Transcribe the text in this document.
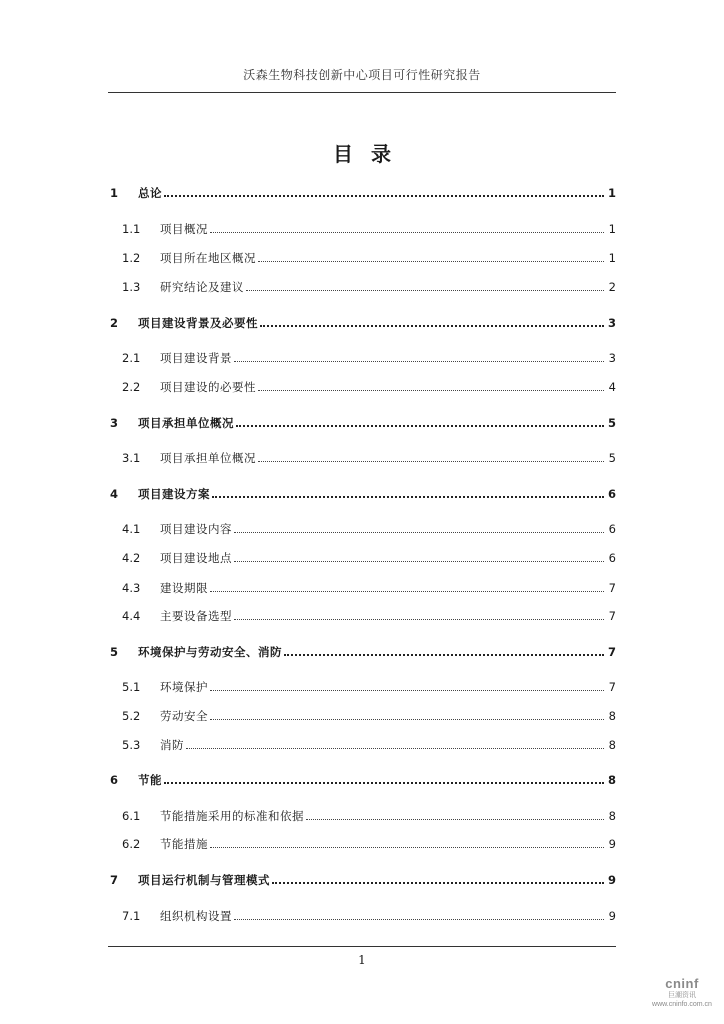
沃森生物科技创新中心项目可行性研究报告
目录
1	总论	1
1.1	项目概况	1
1.2	项目所在地区概况	1
1.3	研究结论及建议	2
2	项目建设背景及必要性	3
2.1	项目建设背景	3
2.2	项目建设的必要性	4
3	项目承担单位概况	5
3.1	项目承担单位概况	5
4	项目建设方案	6
4.1	项目建设内容	6
4.2	项目建设地点	6
4.3	建设期限	7
4.4	主要设备选型	7
5	环境保护与劳动安全、消防	7
5.1	环境保护	7
5.2	劳动安全	8
5.3	消防	8
6	节能	8
6.1	节能措施采用的标准和依据	8
6.2	节能措施	9
7	项目运行机制与管理模式	9
7.1	组织机构设置	9
1
cninf
巨潮资讯
www.cninfo.com.cn
